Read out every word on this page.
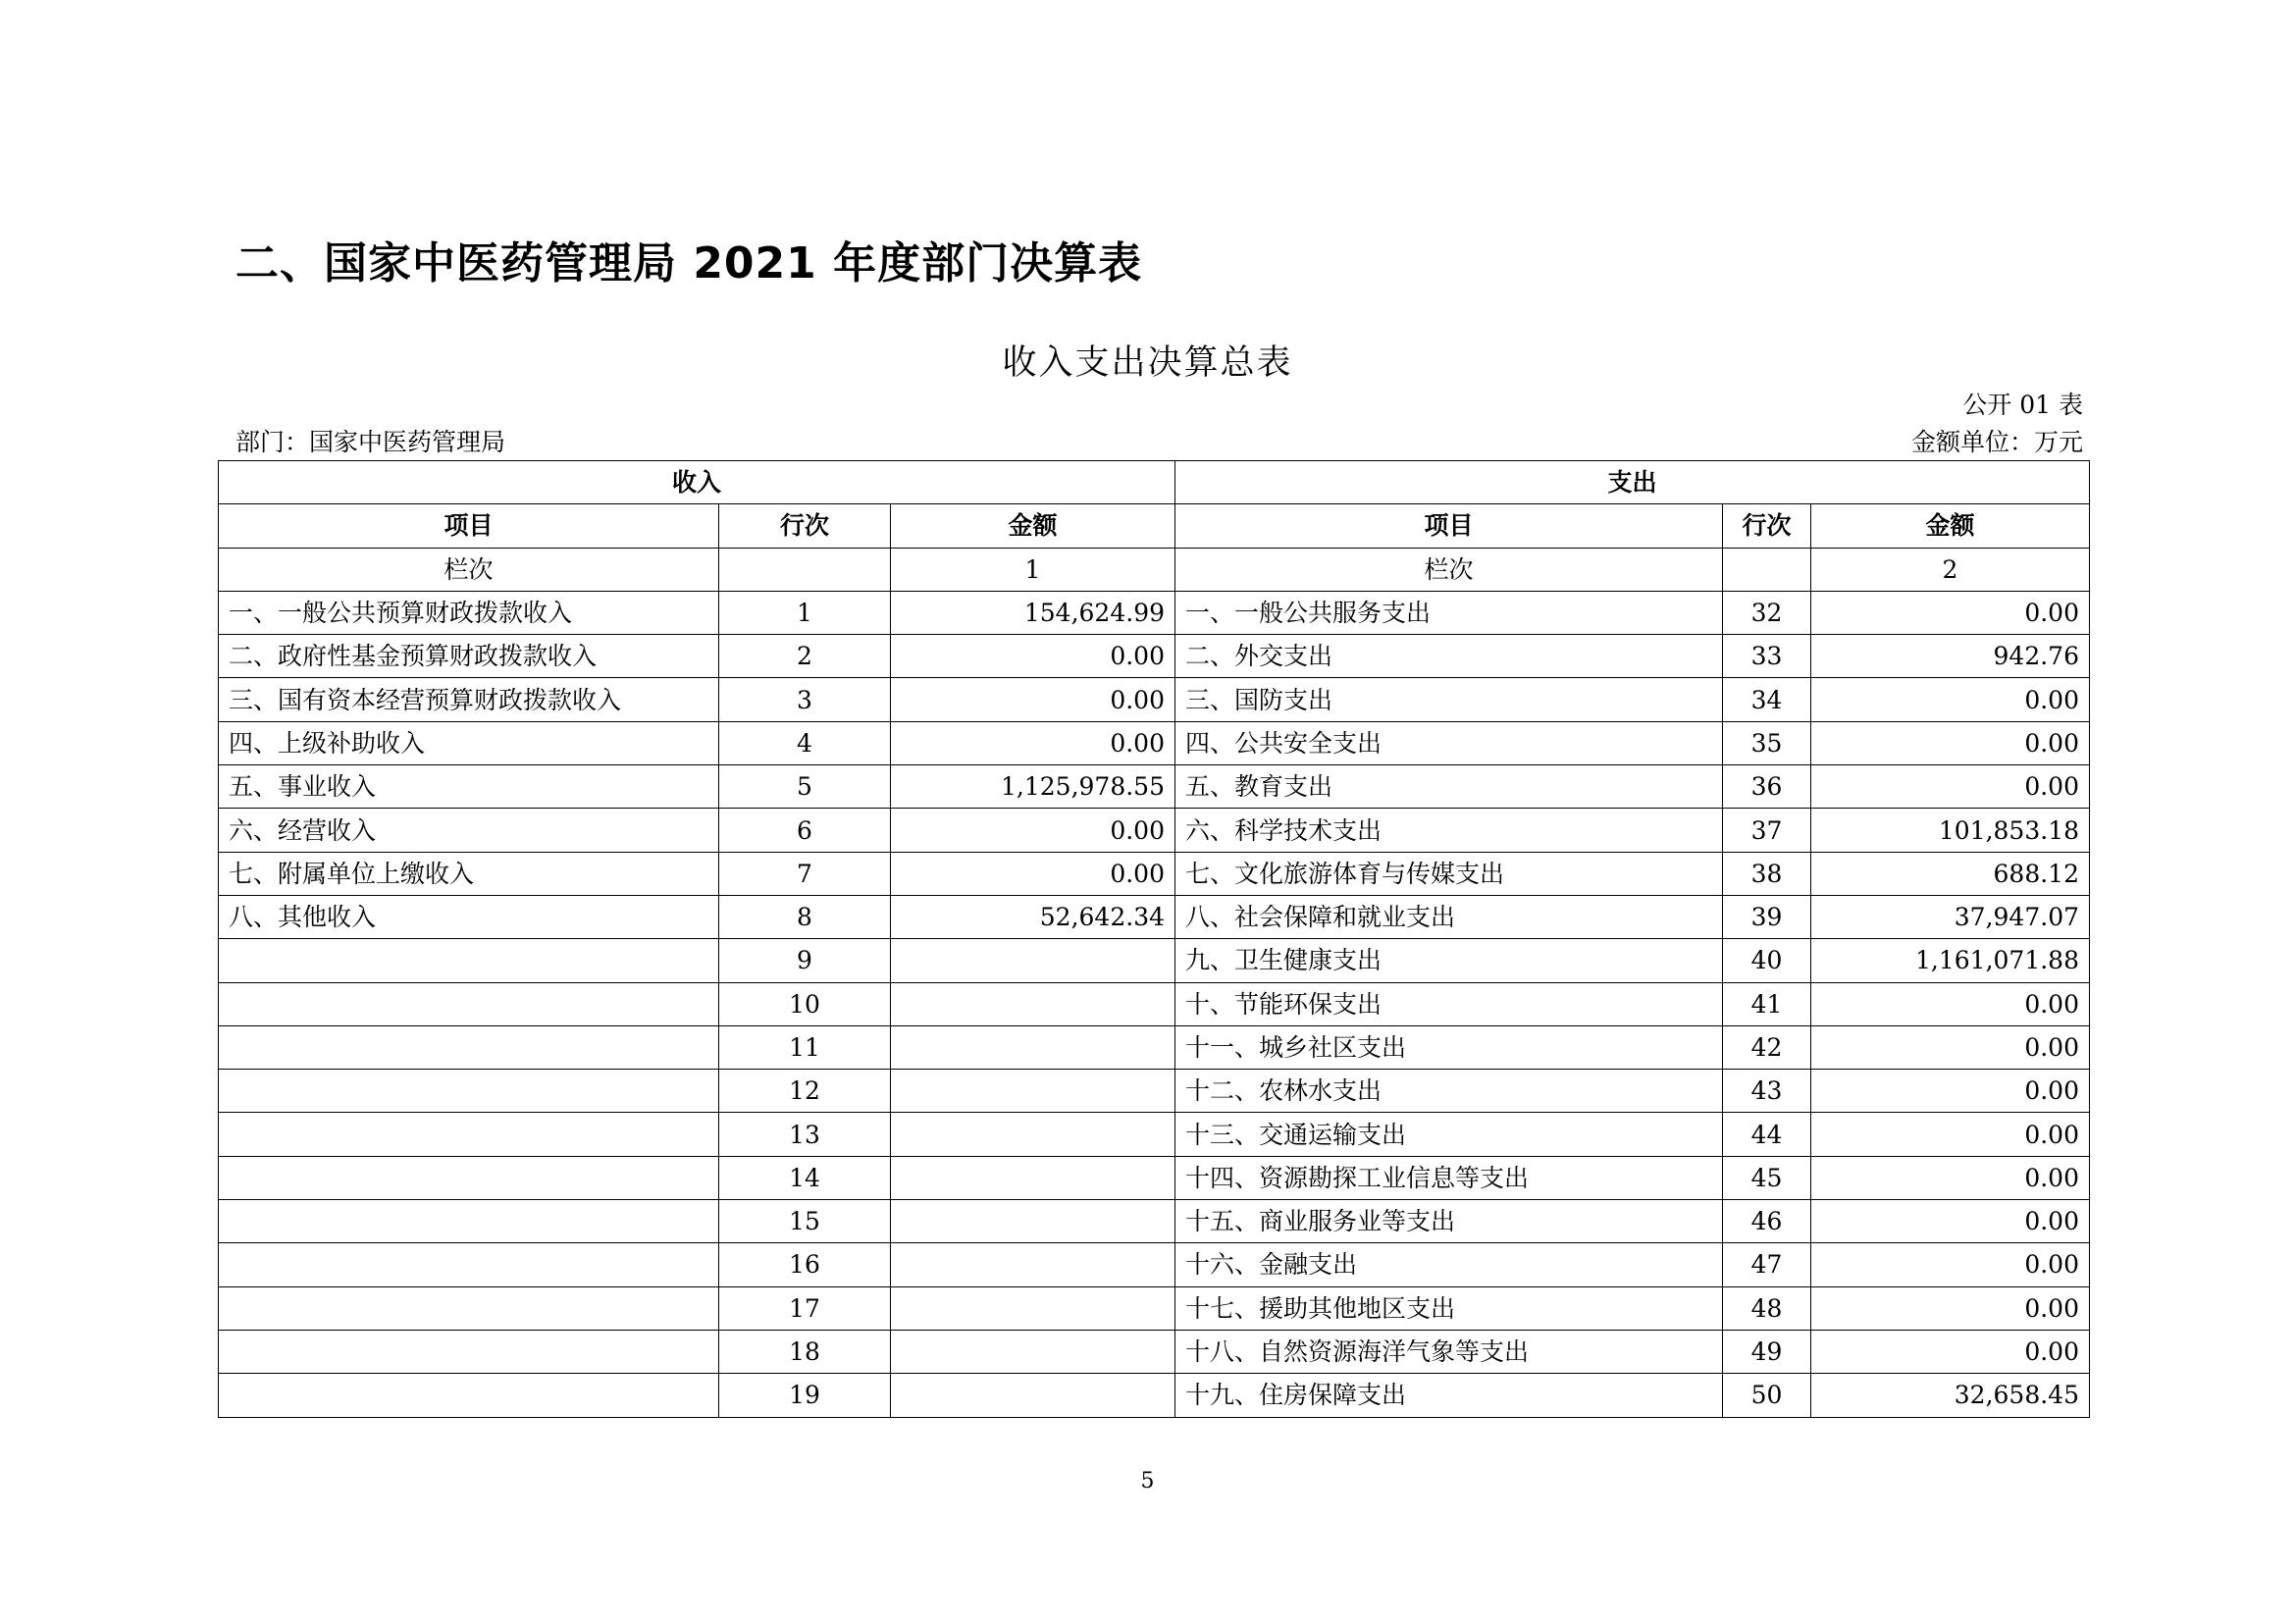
二、国家中医药管理局 2021 年度部门决算表
收入支出决算总表
公开 01 表
部门：国家中医药管理局	金额单位：万元
收入			支出		
项目	行次	金额	项目	行次	金额
栏次		1	栏次		2
一、一般公共预算财政拨款收入	1	154,624.99	一、一般公共服务支出	32	0.00
二、政府性基金预算财政拨款收入	2	0.00	二、外交支出	33	942.76
三、国有资本经营预算财政拨款收入	3	0.00	三、国防支出	34	0.00
四、上级补助收入	4	0.00	四、公共安全支出	35	0.00
五、事业收入	5	1,125,978.55	五、教育支出	36	0.00
六、经营收入	6	0.00	六、科学技术支出	37	101,853.18
七、附属单位上缴收入	7	0.00	七、文化旅游体育与传媒支出	38	688.12
八、其他收入	8	52,642.34	八、社会保障和就业支出	39	37,947.07
	9		九、卫生健康支出	40	1,161,071.88
	10		十、节能环保支出	41	0.00
	11		十一、城乡社区支出	42	0.00
	12		十二、农林水支出	43	0.00
	13		十三、交通运输支出	44	0.00
	14		十四、资源勘探工业信息等支出	45	0.00
	15		十五、商业服务业等支出	46	0.00
	16		十六、金融支出	47	0.00
	17		十七、援助其他地区支出	48	0.00
	18		十八、自然资源海洋气象等支出	49	0.00
	19		十九、住房保障支出	50	32,658.45
5
